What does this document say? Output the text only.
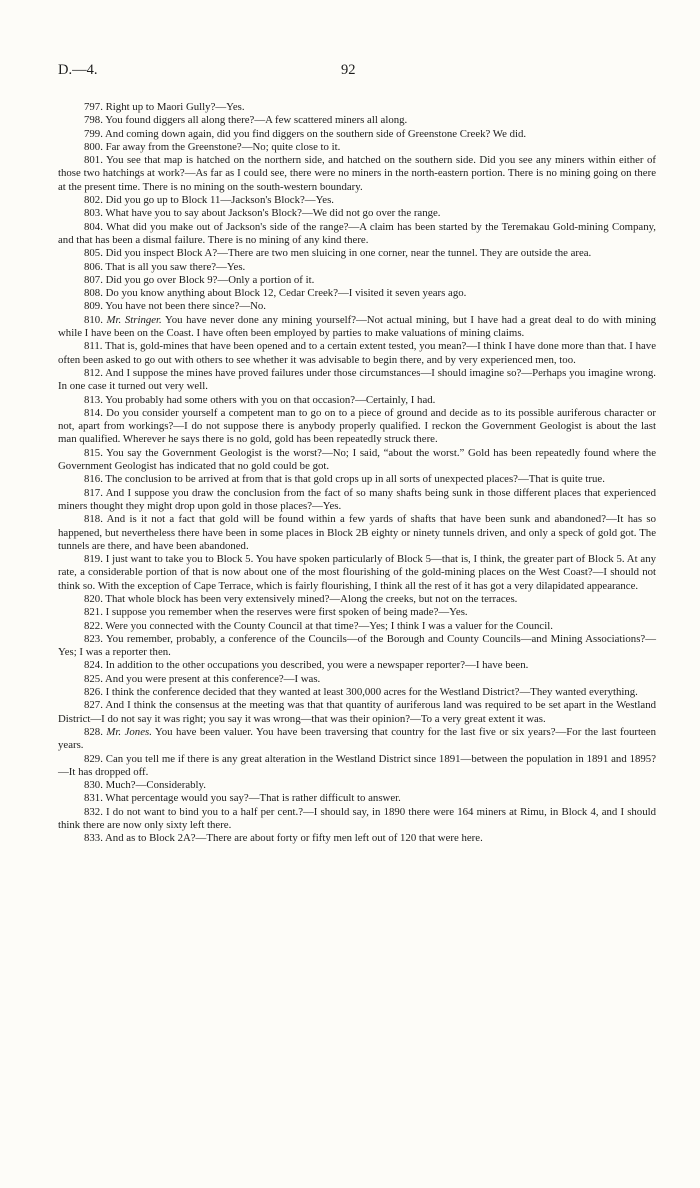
D.—4.	92

797. Right up to Maori Gully?—Yes.

798. You found diggers all along there?—A few scattered miners all along.

799. And coming down again, did you find diggers on the southern side of Greenstone Creek? We did.

800. Far away from the Greenstone?—No; quite close to it.

801. You see that map is hatched on the northern side, and hatched on the southern side. Did you see any miners within either of those two hatchings at work?—As far as I could see, there were no miners in the north-eastern portion. There is no mining going on there at the present time. There is no mining on the south-western boundary.

802. Did you go up to Block 11—Jackson's Block?—Yes.

803. What have you to say about Jackson's Block?—We did not go over the range.

804. What did you make out of Jackson's side of the range?—A claim has been started by the Teremakau Gold-mining Company, and that has been a dismal failure. There is no mining of any kind there.

805. Did you inspect Block A?—There are two men sluicing in one corner, near the tunnel. They are outside the area.

806. That is all you saw there?—Yes.

807. Did you go over Block 9?—Only a portion of it.

808. Do you know anything about Block 12, Cedar Creek?—I visited it seven years ago.

809. You have not been there since?—No.

810. Mr. Stringer. You have never done any mining yourself?—Not actual mining, but I have had a great deal to do with mining while I have been on the Coast. I have often been employed by parties to make valuations of mining claims.

811. That is, gold-mines that have been opened and to a certain extent tested, you mean?—I think I have done more than that. I have often been asked to go out with others to see whether it was advisable to begin there, and by very experienced men, too.

812. And I suppose the mines have proved failures under those circumstances—I should imagine so?—Perhaps you imagine wrong. In one case it turned out very well.

813. You probably had some others with you on that occasion?—Certainly, I had.

814. Do you consider yourself a competent man to go on to a piece of ground and decide as to its possible auriferous character or not, apart from workings?—I do not suppose there is anybody properly qualified. I reckon the Government Geologist is about the last man qualified. Wherever he says there is no gold, gold has been repeatedly struck there.

815. You say the Government Geologist is the worst?—No; I said, “about the worst.” Gold has been repeatedly found where the Government Geologist has indicated that no gold could be got.

816. The conclusion to be arrived at from that is that gold crops up in all sorts of unexpected places?—That is quite true.

817. And I suppose you draw the conclusion from the fact of so many shafts being sunk in those different places that experienced miners thought they might drop upon gold in those places?—Yes.

818. And is it not a fact that gold will be found within a few yards of shafts that have been sunk and abandoned?—It has so happened, but nevertheless there have been in some places in Block 2B eighty or ninety tunnels driven, and only a speck of gold got. The tunnels are there, and have been abandoned.

819. I just want to take you to Block 5. You have spoken particularly of Block 5—that is, I think, the greater part of Block 5. At any rate, a considerable portion of that is now about one of the most flourishing of the gold-mining places on the West Coast?—I should not think so. With the exception of Cape Terrace, which is fairly flourishing, I think all the rest of it has got a very dilapidated appearance.

820. That whole block has been very extensively mined?—Along the creeks, but not on the terraces.

821. I suppose you remember when the reserves were first spoken of being made?—Yes.

822. Were you connected with the County Council at that time?—Yes; I think I was a valuer for the Council.

823. You remember, probably, a conference of the Councils—of the Borough and County Councils—and Mining Associations?—Yes; I was a reporter then.

824. In addition to the other occupations you described, you were a newspaper reporter?—I have been.

825. And you were present at this conference?—I was.

826. I think the conference decided that they wanted at least 300,000 acres for the Westland District?—They wanted everything.

827. And I think the consensus at the meeting was that that quantity of auriferous land was required to be set apart in the Westland District—I do not say it was right; you say it was wrong—that was their opinion?—To a very great extent it was.

828. Mr. Jones. You have been valuer. You have been traversing that country for the last five or six years?—For the last fourteen years.

829. Can you tell me if there is any great alteration in the Westland District since 1891—between the population in 1891 and 1895?—It has dropped off.

830. Much?—Considerably.

831. What percentage would you say?—That is rather difficult to answer.

832. I do not want to bind you to a half per cent.?—I should say, in 1890 there were 164 miners at Rimu, in Block 4, and I should think there are now only sixty left there.

833. And as to Block 2A?—There are about forty or fifty men left out of 120 that were here.
